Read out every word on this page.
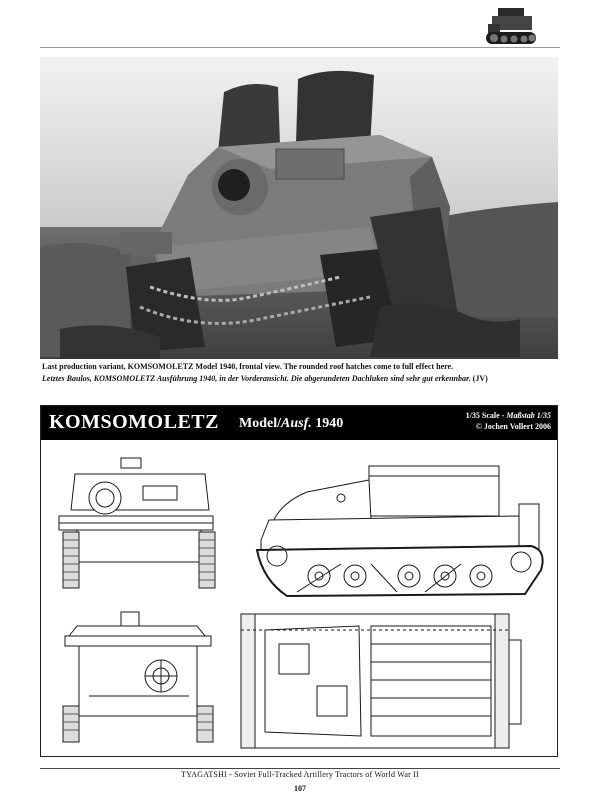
Last production variant, KOMSOMOLETZ Model 1940, frontal view. The rounded roof hatches come to full effect here.
Letztes Baulos, KOMSOMOLETZ Ausführung 1940, in der Vorderansicht. Die abgerundeten Dachluken sind sehr gut erkennbar. (JV)
KOMSOMOLETZ Model/Ausf. 1940
1/35 Scale - Maßstab 1/35
© Jochen Vollert 2006
TYAGATSHI - Soviet Full-Tracked Artillery Tractors of World War II
107
